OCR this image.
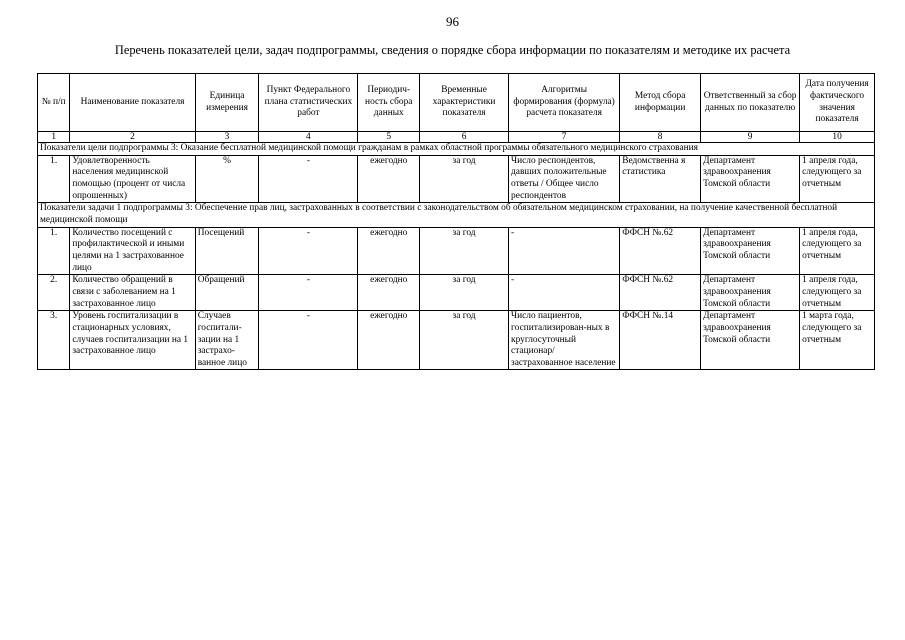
96
Перечень показателей цели, задач подпрограммы, сведения о порядке сбора информации по показателям и методике их расчета
№ п/п	Наименование показателя	Единица измерения	Пункт Федерального плана статистических работ	Периодич-ность сбора данных	Временные характеристики показателя	Алгоритмы формирования (формула) расчета показателя	Метод сбора информации	Ответственный за сбор данных по показателю	Дата получения фактического значения показателя
1	2	3	4	5	6	7	8	9	10
Показатели цели подпрограммы 3: Оказание бесплатной медицинской помощи гражданам в рамках областной программы обязательного медицинского страхования									
1.	Удовлетворенность населения медицинской помощью (процент от числа опрошенных)	%	-	ежегодно	за год	Число респондентов, давших положительные ответы / Общее число респондентов	Ведомственна я статистика	Департамент здравоохранения Томской области	1 апреля года, следующего за отчетным
Показатели задачи 1 подпрограммы 3: Обеспечение прав лиц, застрахованных в соответствии с законодательством об обязательном медицинском страховании, на получение качественной бесплатной медицинской помощи									
1.	Количество посещений с профилактической и иными целями на 1 застрахованное лицо	Посещений	-	ежегодно	за год	-	ФФСН №.62	Департамент здравоохранения Томской области	1 апреля года, следующего за отчетным
2.	Количество обращений в связи с заболеванием на 1 застрахованное лицо	Обращений	-	ежегодно	за год	-	ФФСН №.62	Департамент здравоохранения Томской области	1 апреля года, следующего за отчетным
3.	Уровень госпитализации в стационарных условиях, случаев госпитализации на 1 застрахованное лицо	Случаев госпитали-зации на 1 застрахо-ванное лицо	-	ежегодно	за год	Число пациентов, госпитализирован-ных в круглосуточный стационар/ застрахованное население	ФФСН №.14	Департамент здравоохранения Томской области	1 марта года, следующего за отчетным
